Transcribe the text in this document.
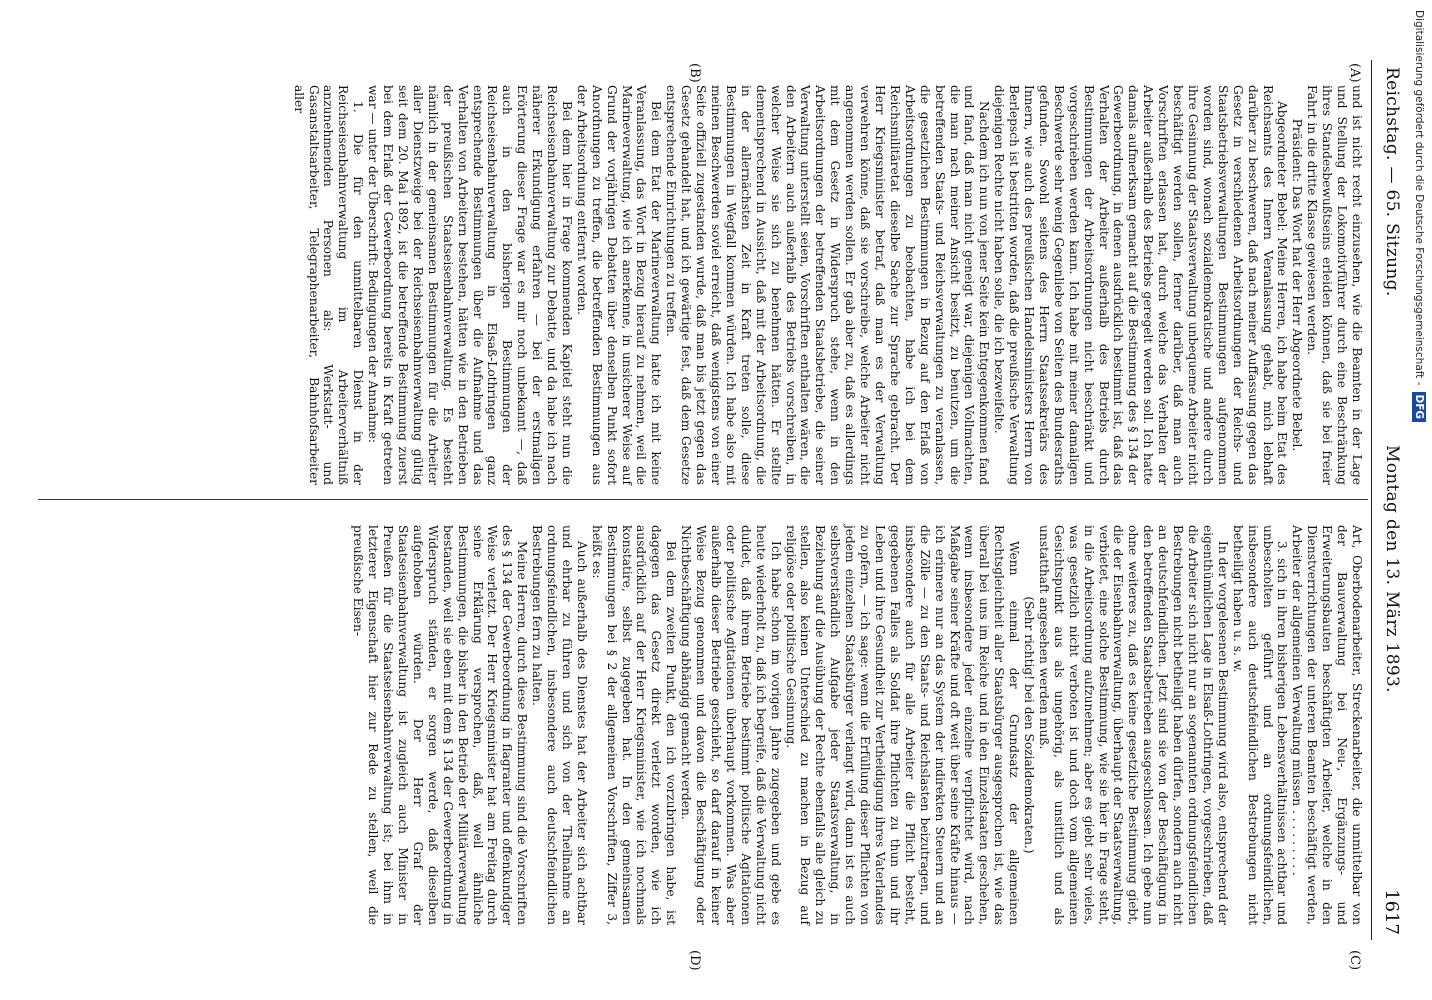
Reichstag. — 65. Sitzung.
Montag den 13. März 1893.
1617
(A)
(B)
(C)
(D)

und ist nicht recht einzusehen, wie die Beamten in der Lage und Stellung der Lokomotivführer durch eine Beschränkung ihres Standesbewußtseins erleiden können, daß sie bei freier Fahrt in die dritte Klasse gewiesen werden.

Präsident: Das Wort hat der Herr Abgeordnete Bebel.

Abgeordneter Bebel: Meine Herren, ich habe beim Etat des Reichsamts des Innern Veranlassung gehabt, mich lebhaft darüber zu beschweren, daß nach meiner Auffassung gegen das Gesetz in verschiedenen Arbeitsordnungen der Reichs- und Staatsbetriebsverwaltungen Bestimmungen aufgenommen worden sind, wonach sozialdemokratische und andere durch ihre Gesinnung der Staatsverwaltung unbequeme Arbeiter nicht beschäftigt werden sollen, ferner darüber, daß man auch Vorschriften erlassen hat, durch welche das Verhalten der Arbeiter außerhalb des Betriebs geregelt werden soll. Ich hatte damals aufmerksam gemacht auf die Bestimmung des § 134 der Gewerbeordnung, in denen ausdrücklich bestimmt ist, daß das Verhalten der Arbeiter außerhalb des Betriebs durch Bestimmungen der Arbeitsordnungen nicht beschränkt und vorgeschrieben werden kann. Ich habe mit meiner damaligen Beschwerde sehr wenig Gegenliebe von Seiten des Bundesraths gefunden. Sowohl seitens des Herrn Staatssekretärs des Innern, wie auch des preußischen Handelsministers Herrn von Berlepsch ist bestritten worden, daß die preußische Verwaltung diejenigen Rechte nicht haben solle, die ich bezweifelte.

Nachdem ich nun von jener Seite kein Entgegenkommen fand und fand, daß man nicht geneigt war, diejenigen Vollmachten, die man nach meiner Ansicht besitzt, zu benutzen, um die betreffenden Staats- und Reichsverwaltungen zu veranlassen, die gesetzlichen Bestimmungen in Bezug auf den Erlaß von Arbeitsordnungen zu beobachten, habe ich bei dem Reichsmilitäretat dieselbe Sache zur Sprache gebracht. Der Herr Kriegsminister betraf, daß man es der Verwaltung verwehren könne, daß sie vorschreibe, welche Arbeiter nicht angenommen werden sollen. Er gab aber zu, daß es allerdings mit dem Gesetz in Widerspruch stehe, wenn in den Arbeitsordnungen der betreffenden Staatsbetriebe, die seiner Verwaltung unterstellt seien, Vorschriften enthalten wären, die den Arbeitern auch außerhalb des Betriebs vorschreiben, in welcher Weise sie sich zu benehmen hätten. Er stellte dementsprechend in Aussicht, daß mit der Arbeitsordnung, die in der allernächsten Zeit in Kraft treten solle, diese Bestimmungen in Wegfall kommen würden. Ich habe also mit meinen Beschwerden soviel erreicht, daß wenigstens von einer Seite offiziell zugestanden wurde, daß man bis jetzt gegen das Gesetz gehandelt hat, und ich gewärtige fest, daß dem Gesetze entsprechende Einrichtungen zu treffen.

Bei dem Etat der Marineverwaltung hatte ich mit keine Veranlassung, das Wort in Bezug hierauf zu nehmen, weil die Marineverwaltung, wie ich anerkenne, in unsicherer Weise auf Grund der vorjährigen Debatten über denselben Punkt sofort Anordnungen zu treffen, die betreffenden Bestimmungen aus der Arbeitsordnung entfernt worden.

Bei dem hier in Frage kommenden Kapitel steht nun die Reichseisenbahnverwaltung zur Debatte, und da habe ich nach näherer Erkundigung erfahren — bei der erstmaligen Erörterung dieser Frage war es mir noch unbekannt —, daß auch in den bisherigen Bestimmungen der Reichseisenbahnverwaltung in Elsaß-Lothringen ganz entsprechende Bestimmungen über die Aufnahme und das Verhalten von Arbeitern bestehen, hätten wie in den Betrieben der preußischen Staatseisenbahnverwaltung. Es besteht nämlich in der gemeinsamen Bestimmungen für die Arbeiter aller Dienstzweige bei der Reichseisenbahnverwaltung gültig seit dem 20. Mai 1892, ist die betreffende Bestimmung zuerst bei dem Erlaß der Gewerbeordnung bereits in Kraft getreten war — unter der Überschrift: Bedingungen der Annahme:

1. Die für den unmittelbaren Dienst in der Reichseisenbahnverwaltung im Arbeiterverhältniß anzunehmenden Personen als: Werkstatt- und Gasanstaltsarbeiter, Telegraphenarbeiter, Bahnhofsarbeiter aller

Art, Oberbodenarbeiter, Streckenarbeiter, die unmittelbar von der Bauverwaltung bei Neu-, Ergänzungs- und Erweiterungsbauten beschäftigten Arbeiter, welche in den Dienstverrichtungen der unteren Beamten beschäftigt werden, Arbeiter der allgemeinen Verwaltung müssen . . . . . . . . .

3. sich in ihren bisherigen Lebensverhältnissen achtbar und unbescholten geführt und an ordnungsfeindlichen, insbesondere auch deutschfeindlichen Bestrebungen nicht betheiligt haben u. s. w.

In der vorgelesenen Bestimmung wird also, entsprechend der eigenthümlichen Lage in Elsaß-Lothringen, vorgeschrieben, daß die Arbeiter sich nicht nur an sogenannten ordnungsfeindlichen Bestrebungen nicht betheiligt haben dürfen, sondern auch nicht an deutschfeindlichen. Jetzt sind sie von der Beschäftigung in den betreffenden Staatsbetrieben ausgeschlossen. Ich gebe nun ohne weiteres zu, daß es keine gesetzliche Bestimmung giebt, die der Eisenbahnverwaltung, überhaupt der Staatsverwaltung, verbietet, eine solche Bestimmung, wie sie hier in Frage steht, in die Arbeitsordnung aufzunehmen; aber es giebt sehr vieles, was gesetzlich nicht verboten ist und doch vom allgemeinen Gesichtspunkt aus als ungehörig, als unsittlich und als unstatthaft angesehen werden muß.

(Sehr richtig! bei den Sozialdemokraten.)

Wenn einmal der Grundsatz der allgemeinen Rechtsgleichheit aller Staatsbürger ausgesprochen ist, wie das überall bei uns im Reiche und in den Einzelstaaten geschehen, wenn insbesondere jeder einzelne verpflichtet wird, nach Maßgabe seiner Kräfte und oft weit über seine Kräfte hinaus — ich erinnere nur an das System der indirekten Steuern und an die Zölle — zu den Staats- und Reichslasten beizutragen, und insbesondere auch für alle Arbeiter die Pflicht besteht, gegebenen Falles als Soldat ihre Pflichten zu thun und ihr Leben und ihre Gesundheit zur Vertheidigung ihres Vaterlandes zu opfern, — ich sage: wenn die Erfüllung dieser Pflichten von jedem einzelnen Staatsbürger verlangt wird, dann ist es auch selbstverständlich Aufgabe jeder Staatsverwaltung, in Beziehung auf die Ausübung der Rechte ebenfalls alle gleich zu stellen, also keinen Unterschied zu machen in Bezug auf religiöse oder politische Gesinnung.

Ich habe schon im vorigen Jahre zugegeben und gebe es heute wiederholt zu, daß ich begreife, daß die Verwaltung nicht duldet, daß ihrem Betriebe bestimmt politische Agitationen oder politische Agitationen überhaupt vorkommen. Was aber außerhalb dieser Betriebe geschieht, so darf darauf in keiner Weise Bezug genommen und davon die Beschäftigung oder Nichtbeschäftigung abhängig gemacht werden.

Bei dem zweiten Punkt, den ich vorzubringen habe, ist dagegen das Gesetz direkt verletzt worden, wie ich ausdrücklich auf der Herr Kriegsminister, wie ich nochmals konstatire, selbst zugegeben hat. In den gemeinsamen Bestimmungen bei § 2 der allgemeinen Vorschriften, Ziffer 3, heißt es:

Auch außerhalb des Dienstes hat der Arbeiter sich achtbar und ehrbar zu führen und sich von der Theilnahme an ordnungsfeindlichen, insbesondere auch deutschfeindlichen Bestrebungen fern zu halten.

Meine Herren, durch diese Bestimmung sind die Vorschriften des § 134 der Gewerbeordnung in flagranter und offenkundiger Weise verletzt. Der Herr Kriegsminister hat am Freitag durch seine Erklärung versprochen, daß, weil ähnliche Bestimmungen, die bisher in den Betrieb der Militärverwaltung bestanden, weil sie eben mit dem § 134 der Gewerbeordnung in Widerspruch ständen, er sorgen werde, daß dieselben aufgehoben würden. Der Herr Graf der Staatseisenbahnverwaltung ist zugleich auch Minister in Preußen für die Staatseisenbahnverwaltung ist; bei ihm in letzterer Eigenschaft hier zur Rede zu stellen, weil die preußische Eisen-

Digitalisierung gefördert durch die Deutsche Forschungsgemeinschaft -DFG
